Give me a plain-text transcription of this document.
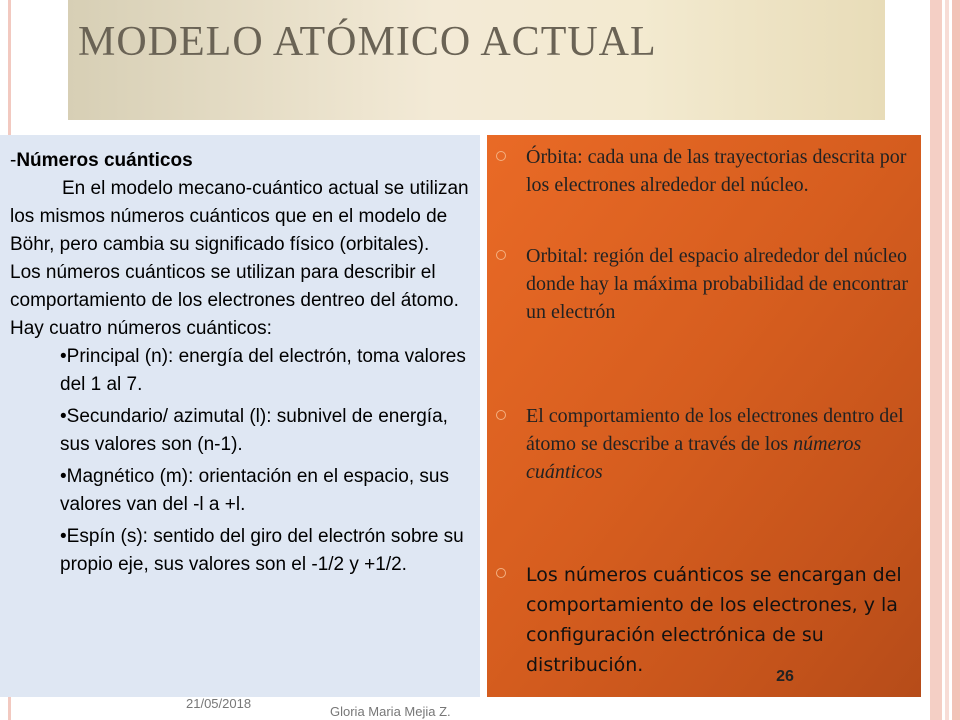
MODELO ATÓMICO ACTUAL
-Números cuánticos
En el modelo mecano-cuántico actual se utilizan los mismos números cuánticos que en el modelo de Böhr, pero cambia su significado físico (orbitales).
Los números cuánticos se utilizan para describir el comportamiento de los electrones dentreo del átomo. Hay cuatro números cuánticos:
•Principal (n): energía del electrón, toma valores del 1 al 7.
•Secundario/ azimutal (l): subnivel de energía, sus valores son (n-1).
•Magnético (m): orientación en el espacio, sus valores van del -l a +l.
•Espín (s): sentido del giro del electrón sobre su propio eje, sus valores son el -1/2 y +1/2.
Órbita: cada una de las trayectorias descrita por los electrones alrededor del núcleo.
Orbital: región del espacio alrededor del núcleo donde hay la máxima probabilidad de encontrar un electrón
El comportamiento de los electrones dentro del átomo se describe a través de los números cuánticos
Los números cuánticos se encargan del comportamiento de los electrones, y la configuración electrónica de su distribución.
26
21/05/2018
Gloria Maria Mejia Z.
